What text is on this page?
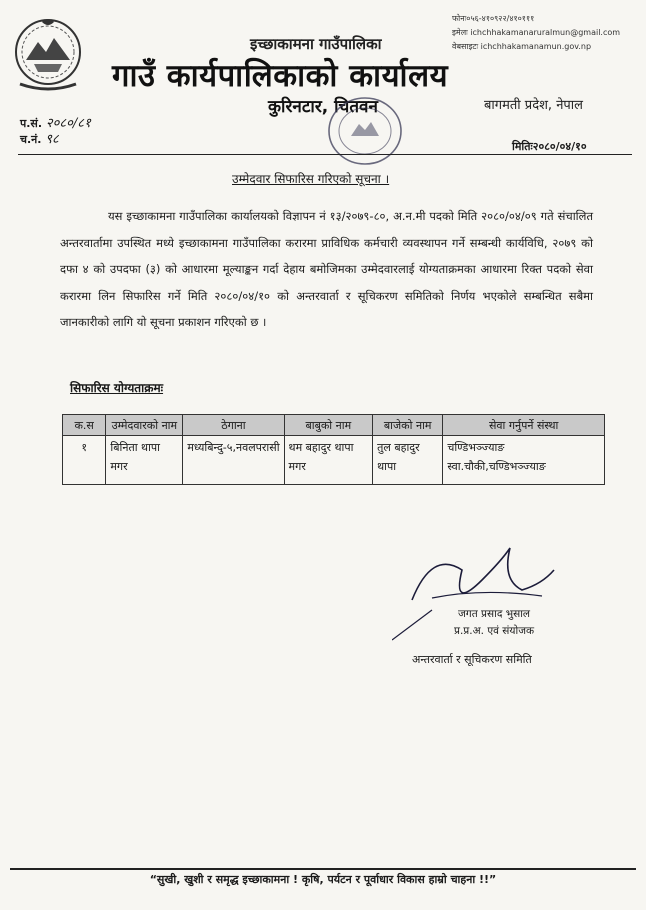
फोनः०५६-४१०९२२/४१०१११
इमेलः ichchhakamanaruralmun@gmail.com
वेबसाइटः ichchhakamanamun.gov.np
इच्छाकामना गाउँपालिका
गाउँ कार्यपालिकाको कार्यालय
कुरिनटार, चितवन	बागमती प्रदेश, नेपाल
प.सं. २०८०/८१
च.नं. ९८	मितिः२०८०/०४/१०
उम्मेदवार सिफारिस गरिएको सूचना ।
यस इच्छाकामना गाउँपालिका कार्यालयको विज्ञापन नं १३/२०७९-८०, अ.न.मी पदको मिति २०८०/०४/०९ गते संचालित अन्तरवार्तामा उपस्थित मध्ये इच्छाकामना गाउँपालिका करारमा प्राविधिक कर्मचारी व्यवस्थापन गर्ने सम्बन्धी कार्यविधि, २०७९ को दफा ४ को उपदफा (३) को आधारमा मूल्याङ्कन गर्दा देहाय बमोजिमका उम्मेदवारलाई योग्यताक्रमका आधारमा रिक्त पदको सेवा करारमा लिन सिफारिस गर्ने मिति २०८०/०४/१० को अन्तरवार्ता र सूचिकरण समितिको निर्णय भएकोले सम्बन्धित सबैमा जानकारीको लागि यो सूचना प्रकाशन गरिएको छ ।
सिफारिस योग्यताक्रमः
क.स	उम्मेदवारको नाम	ठेगाना	बाबुको नाम	बाजेको नाम	सेवा गर्नुपर्ने संस्था
१	बिनिता थापा मगर	मध्यबिन्दु-५,नवलपरासी	थम बहादुर थापा मगर	तुल बहादुर थापा	चण्डिभञ्ज्याङ स्वा.चौकी,चण्डिभञ्ज्याङ
जगत प्रसाद भुसाल
प्र.प्र.अ. एवं संयोजक
अन्तरवार्ता र सूचिकरण समिति
“सुखी, खुशी र समृद्ध इच्छाकामना ! कृषि, पर्यटन र पूर्वाधार विकास हाम्रो चाहना !!”
